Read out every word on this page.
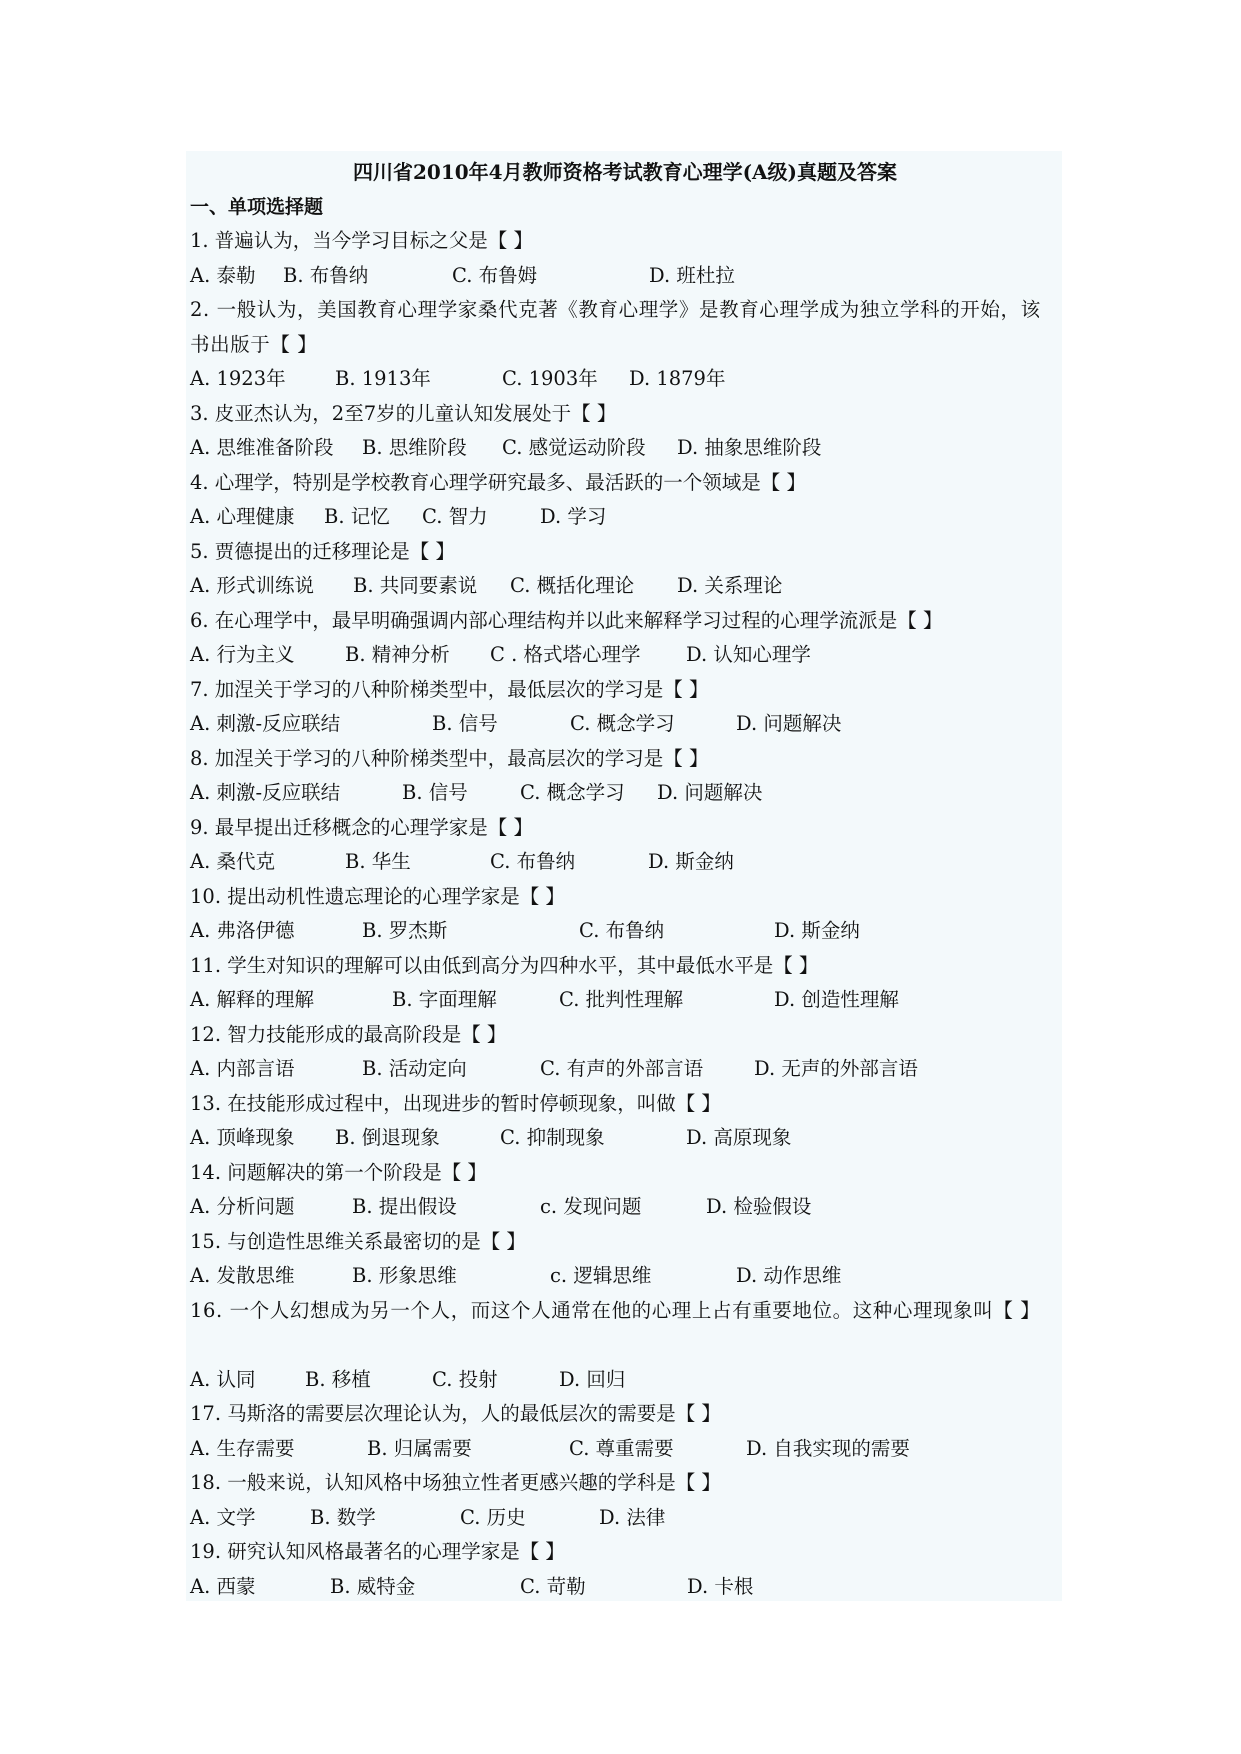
四川省2010年4月教师资格考试教育心理学(A级)真题及答案
一、单项选择题
1. 普遍认为，当今学习目标之父是【 】
A. 泰勒 B. 布鲁纳	C. 布鲁姆	D. 班杜拉
2. 一般认为，美国教育心理学家桑代克著《教育心理学》是教育心理学成为独立学科的开始，该书出版于【 】
A. 1923年	B. 1913年	C. 1903年 D. 1879年
3. 皮亚杰认为，2至7岁的儿童认知发展处于【 】
A. 思维准备阶段 B. 思维阶段 C. 感觉运动阶段 D. 抽象思维阶段
4. 心理学，特别是学校教育心理学研究最多、最活跃的一个领域是【 】
A. 心理健康 B. 记忆 C. 智力	D. 学习
5. 贾德提出的迁移理论是【 】
A. 形式训练说 B. 共同要素说 C. 概括化理论 D. 关系理论
6. 在心理学中，最早明确强调内部心理结构并以此来解释学习过程的心理学流派是【 】
A. 行为主义	B. 精神分析 C . 格式塔心理学 D. 认知心理学
7. 加涅关于学习的八种阶梯类型中，最低层次的学习是【 】
A. 刺激-反应联结	B. 信号	C. 概念学习	D. 问题解决
8. 加涅关于学习的八种阶梯类型中，最高层次的学习是【 】
A. 刺激-反应联结	B. 信号	C. 概念学习 D. 问题解决
9. 最早提出迁移概念的心理学家是【 】
A. 桑代克	B. 华生	C. 布鲁纳	D. 斯金纳
10. 提出动机性遗忘理论的心理学家是【 】
A. 弗洛伊德	B. 罗杰斯	C. 布鲁纳	D. 斯金纳
11. 学生对知识的理解可以由低到高分为四种水平，其中最低水平是【 】
A. 解释的理解	B. 字面理解	C. 批判性理解	D. 创造性理解
12. 智力技能形成的最高阶段是【 】
A. 内部言语	B. 活动定向	C. 有声的外部言语	D. 无声的外部言语
13. 在技能形成过程中，出现进步的暂时停顿现象，叫做【 】
A. 顶峰现象 B. 倒退现象	C. 抑制现象	D. 高原现象
14. 问题解决的第一个阶段是【 】
A. 分析问题	B. 提出假设	c. 发现问题	D. 检验假设
15. 与创造性思维关系最密切的是【 】
A. 发散思维	B. 形象思维	c. 逻辑思维	D. 动作思维
16. 一个人幻想成为另一个人，而这个人通常在他的心理上占有重要地位。这种心理现象叫【 】
A. 认同	B. 移植	C. 投射	D. 回归
17. 马斯洛的需要层次理论认为，人的最低层次的需要是【 】
A. 生存需要	B. 归属需要	C. 尊重需要	D. 自我实现的需要
18. 一般来说，认知风格中场独立性者更感兴趣的学科是【 】
A. 文学	B. 数学	C. 历史	D. 法律
19. 研究认知风格最著名的心理学家是【 】
A. 西蒙	B. 威特金	C. 苛勒	D. 卡根
